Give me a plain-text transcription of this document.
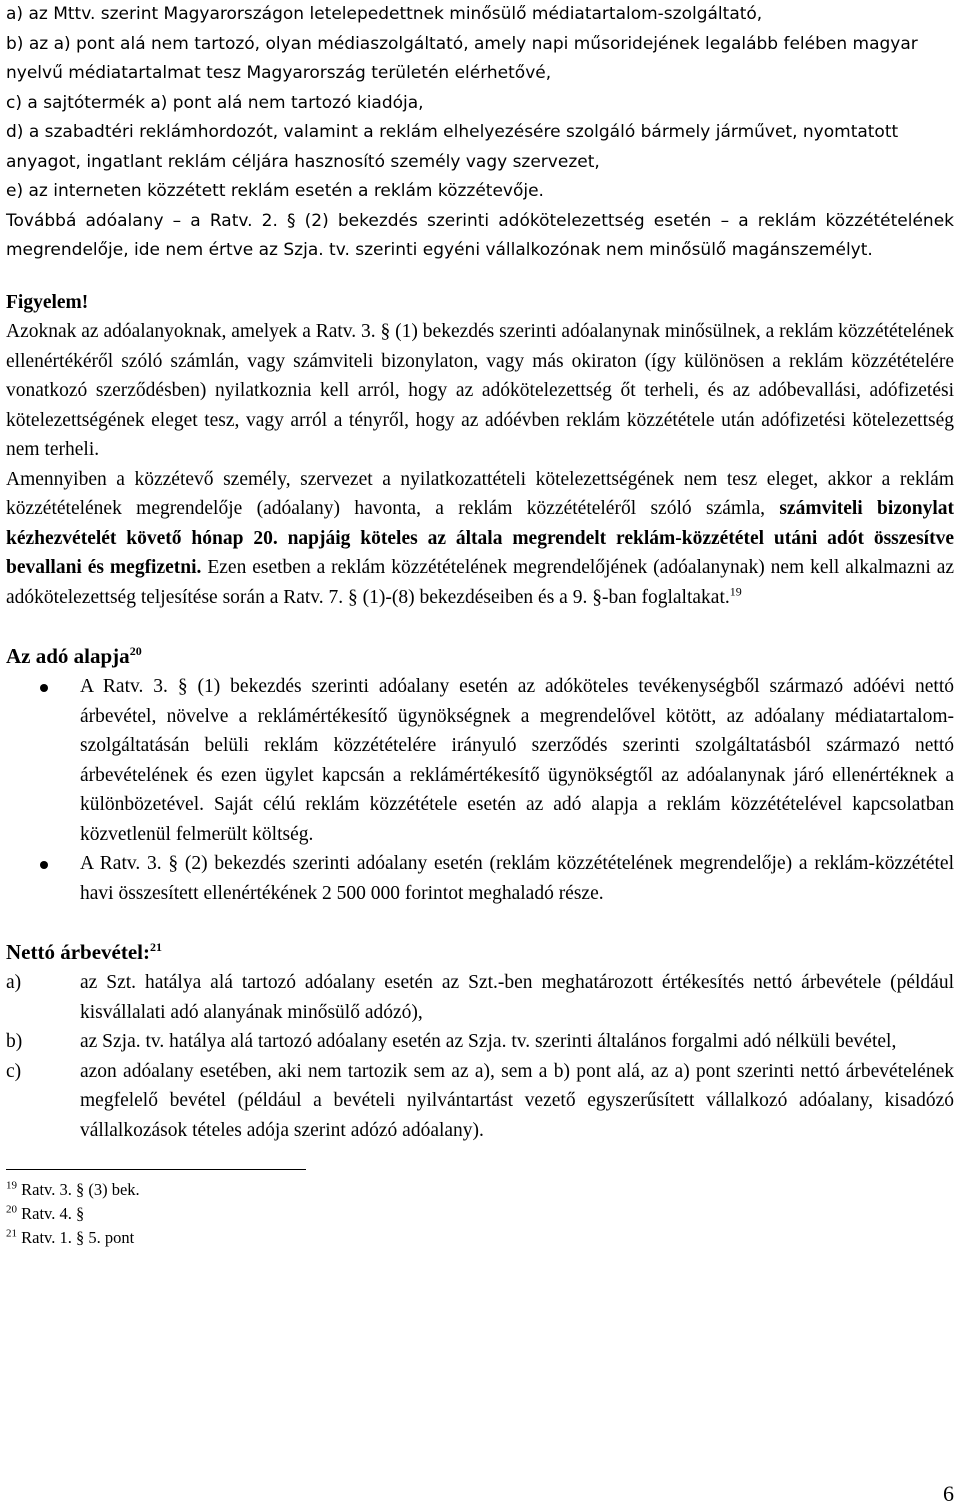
a) az Mttv. szerint Magyarországon letelepedettnek minősülő médiatartalom-szolgáltató,

b) az a) pont alá nem tartozó, olyan médiaszolgáltató, amely napi műsoridejének legalább felében magyar nyelvű médiatartalmat tesz Magyarország területén elérhetővé,

c) a sajtótermék a) pont alá nem tartozó kiadója,

d) a szabadtéri reklámhordozót, valamint a reklám elhelyezésére szolgáló bármely járművet, nyomtatott anyagot, ingatlant reklám céljára hasznosító személy vagy szervezet,

e) az interneten közzétett reklám esetén a reklám közzétevője.

Továbbá adóalany – a Ratv. 2. § (2) bekezdés szerinti adókötelezettség esetén – a reklám közzétételének megrendelője, ide nem értve az Szja. tv. szerinti egyéni vállalkozónak nem minősülő magánszemélyt.

Figyelem!

Azoknak az adóalanyoknak, amelyek a Ratv. 3. § (1) bekezdés szerinti adóalanynak minősülnek, a reklám közzétételének ellenértékéről szóló számlán, vagy számviteli bizonylaton, vagy más okiraton (így különösen a reklám közzétételére vonatkozó szerződésben) nyilatkoznia kell arról, hogy az adókötelezettség őt terheli, és az adóbevallási, adófizetési kötelezettségének eleget tesz, vagy arról a tényről, hogy az adóévben reklám közzététele után adófizetési kötelezettség nem terheli.

Amennyiben a közzétevő személy, szervezet a nyilatkozattételi kötelezettségének nem tesz eleget, akkor a reklám közzétételének megrendelője (adóalany) havonta, a reklám közzétételéről szóló számla, számviteli bizonylat kézhezvételét követő hónap 20. napjáig köteles az általa megrendelt reklám-közzététel utáni adót összesítve bevallani és megfizetni. Ezen esetben a reklám közzétételének megrendelőjének (adóalanynak) nem kell alkalmazni az adókötelezettség teljesítése során a Ratv. 7. § (1)-(8) bekezdéseiben és a 9. §-ban foglaltakat.$^{19}$

Az adó alapja$^{20}$
A Ratv. 3. § (1) bekezdés szerinti adóalany esetén az adóköteles tevékenységből származó adóévi nettó árbevétel, növelve a reklámértékesítő ügynökségnek a megrendelővel kötött, az adóalany médiatartalom-szolgáltatásán belüli reklám közzétételére irányuló szerződés szerinti szolgáltatásból származó nettó árbevételének és ezen ügylet kapcsán a reklámértékesítő ügynökségtől az adóalanynak járó ellenértéknek a különbözetével. Saját célú reklám közzététele esetén az adó alapja a reklám közzétételével kapcsolatban közvetlenül felmerült költség.
A Ratv. 3. § (2) bekezdés szerinti adóalany esetén (reklám közzétételének megrendelője) a reklám-közzététel havi összesített ellenértékének 2 500 000 forintot meghaladó része.
Nettó árbevétel:$^{21}$
a)	az Szt. hatálya alá tartozó adóalany esetén az Szt.-ben meghatározott értékesítés nettó árbevétele (például kisvállalati adó alanyának minősülő adózó),
b)	az Szja. tv. hatálya alá tartozó adóalany esetén az Szja. tv. szerinti általános forgalmi adó nélküli bevétel,
c)	azon adóalany esetében, aki nem tartozik sem az a), sem a b) pont alá, az a) pont szerinti nettó árbevételének megfelelő bevétel (például a bevételi nyilvántartást vezető egyszerűsített vállalkozó adóalany, kisadózó vállalkozások tételes adója szerint adózó adóalany).

$^{19}$ Ratv. 3. § (3) bek.

$^{20}$ Ratv. 4. §

$^{21}$ Ratv. 1. § 5. pont

6
